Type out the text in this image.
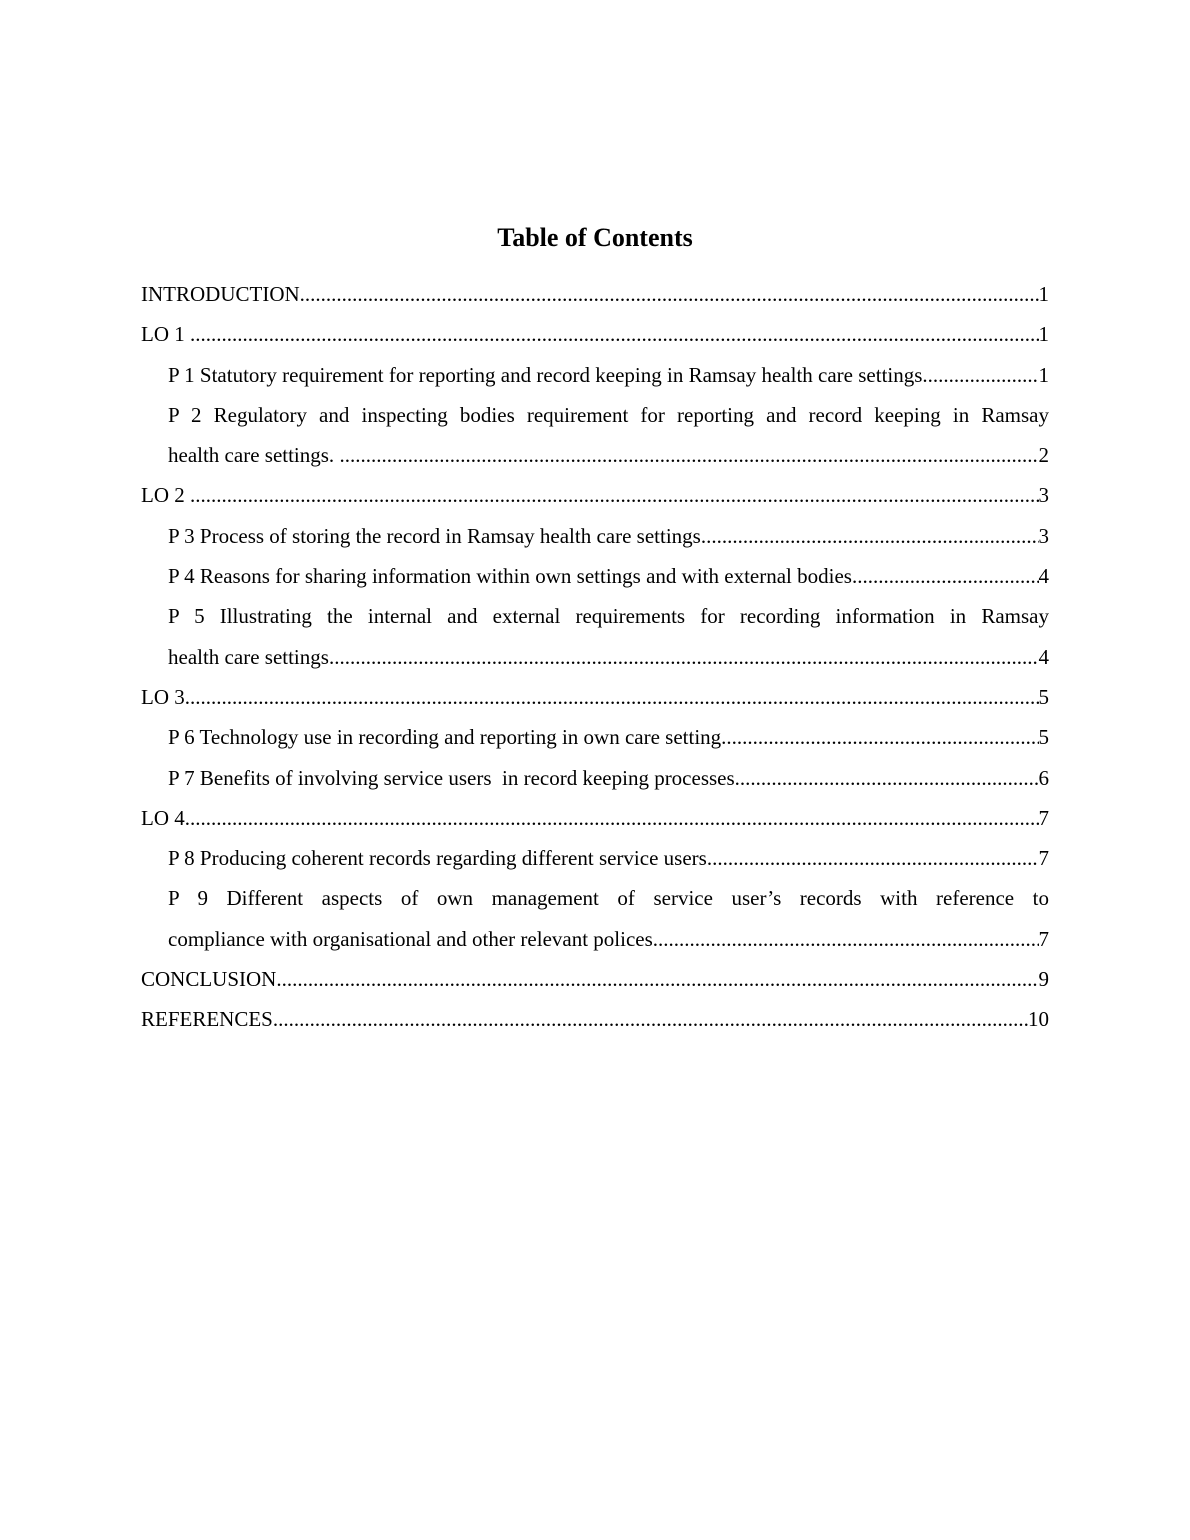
Table of Contents
INTRODUCTION .....	1
LO 1 .....	1
P 1 Statutory requirement for reporting and record keeping in Ramsay health care settings .....	1
P 2 Regulatory and inspecting bodies requirement for reporting and record keeping in Ramsay
health care settings. .....	2
LO 2 .....	3
P 3 Process of storing the record in Ramsay health care settings .....	3
P 4 Reasons for sharing information within own settings and with external bodies .....	4
P 5 Illustrating the internal and external requirements for recording information in Ramsay
health care settings .....	4
LO 3 .....	5
P 6 Technology use in recording and reporting in own care setting .....	5
P 7 Benefits of involving service users  in record keeping processes .....	6
LO 4 .....	7
P 8 Producing coherent records regarding different service users .....	7
P 9 Different aspects of own management of service user’s records with reference to
compliance with organisational and other relevant polices .....	7
CONCLUSION .....	9
REFERENCES .....	10
